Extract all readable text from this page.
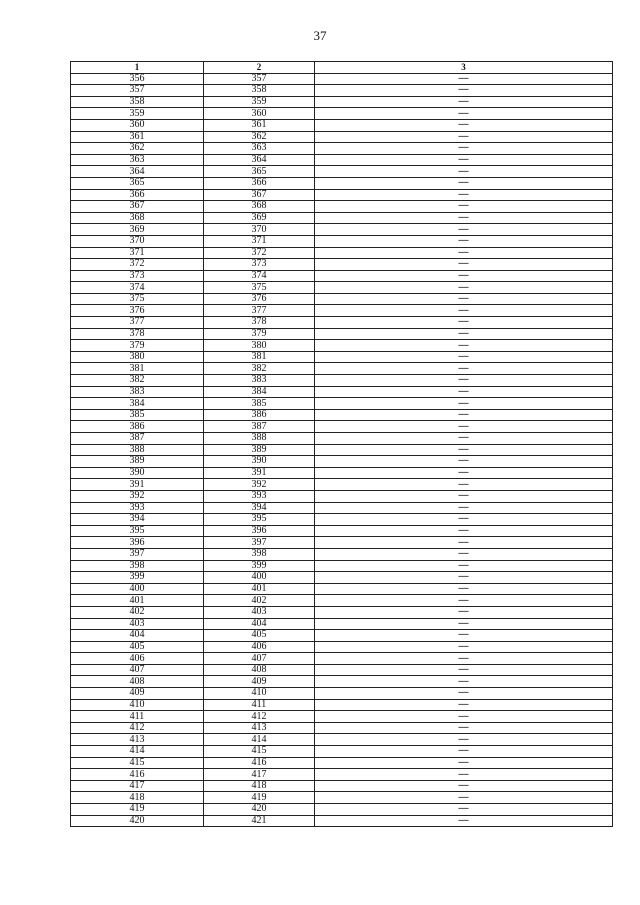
37
1	2	3
356	357	—
357	358	—
358	359	—
359	360	—
360	361	—
361	362	—
362	363	—
363	364	—
364	365	—
365	366	—
366	367	—
367	368	—
368	369	—
369	370	—
370	371	—
371	372	—
372	373	—
373	374	—
374	375	—
375	376	—
376	377	—
377	378	—
378	379	—
379	380	—
380	381	—
381	382	—
382	383	—
383	384	—
384	385	—
385	386	—
386	387	—
387	388	—
388	389	—
389	390	—
390	391	—
391	392	—
392	393	—
393	394	—
394	395	—
395	396	—
396	397	—
397	398	—
398	399	—
399	400	—
400	401	—
401	402	—
402	403	—
403	404	—
404	405	—
405	406	—
406	407	—
407	408	—
408	409	—
409	410	—
410	411	—
411	412	—
412	413	—
413	414	—
414	415	—
415	416	—
416	417	—
417	418	—
418	419	—
419	420	—
420	421	—
